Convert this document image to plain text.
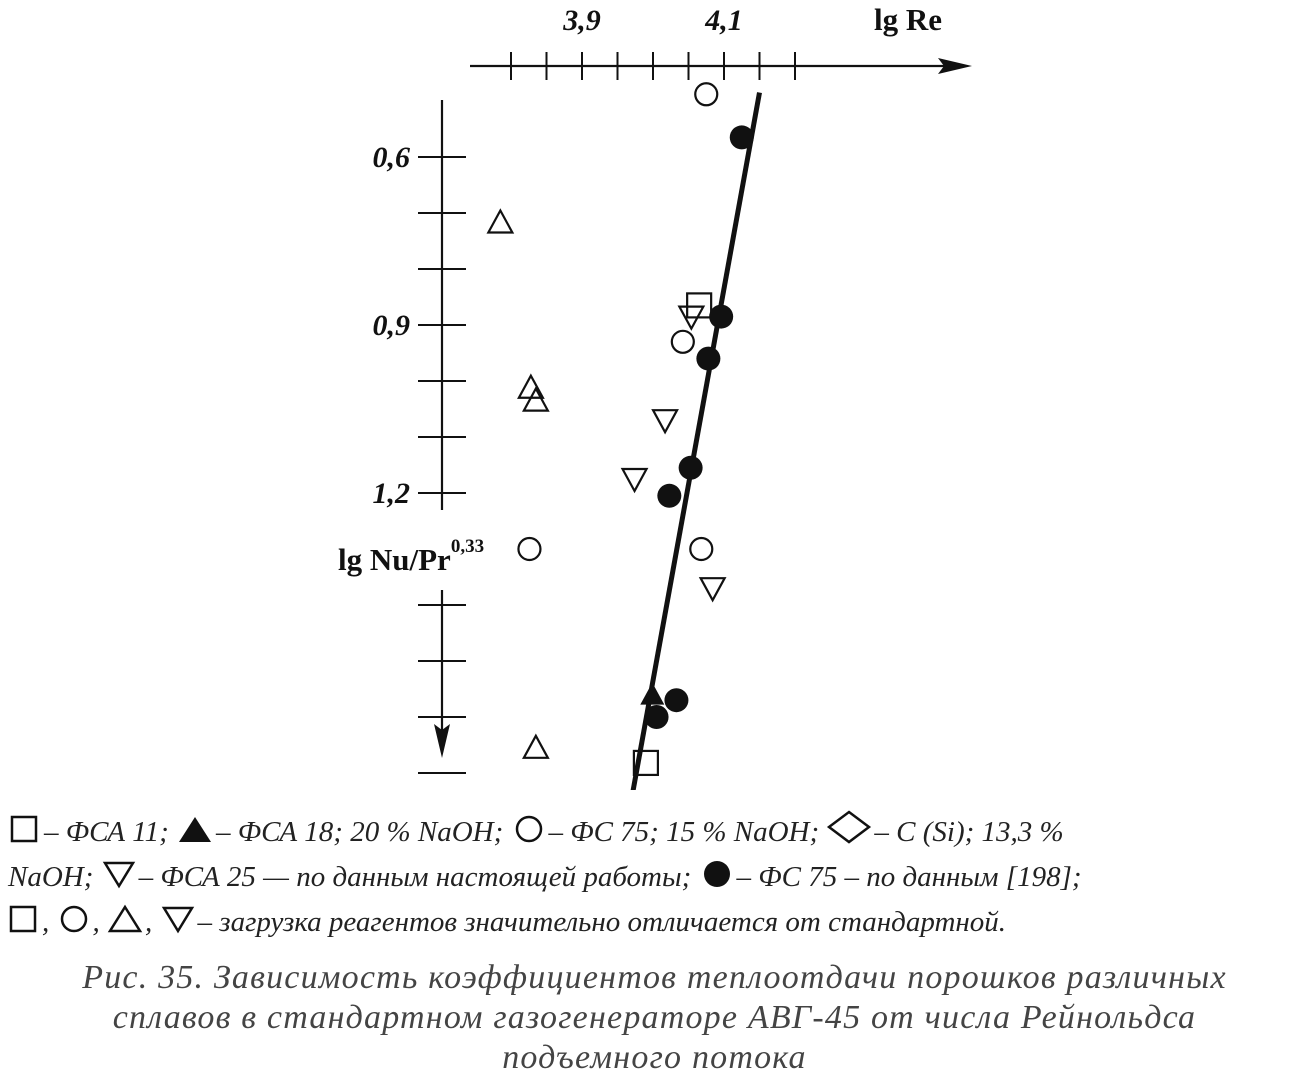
3,9	4,1
0,6
0,9
1,2
lg Re
lg Nu/Pr$^{0,33}$
– ФСА 11; – ФСА 18; 20 % NaOH; – ФС 75; 15 % NaOH; – С (Si); 13,3 %
NaOH; – ФСА 25 — по данным настоящей работы; – ФС 75 – по данным [198];
, , , – загрузка реагентов значительно отличается от стандартной.
Рис. 35. Зависимость коэффициентов теплоотдачи порошков различных
сплавов в стандартном газогенераторе АВГ-45 от числа Рейнольдса
подъемного потока
